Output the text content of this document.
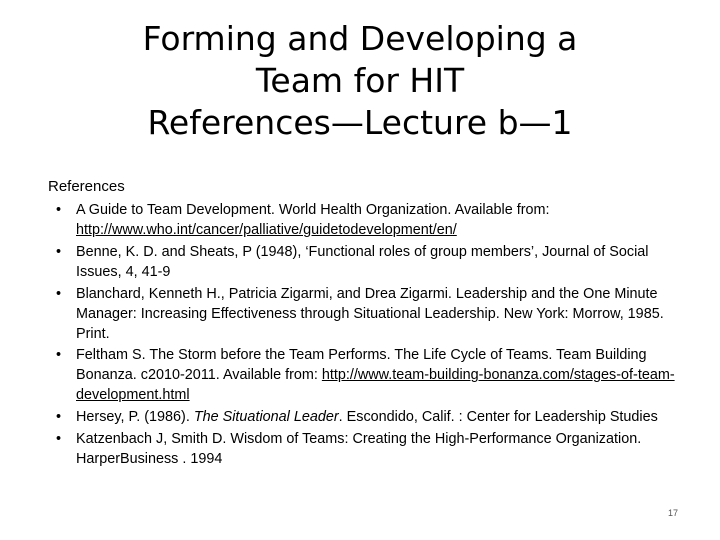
Forming and Developing a
Team for HIT
References—Lecture b—1
References
• A Guide to Team Development. World Health Organization. Available from: http://www.who.int/cancer/palliative/guidetodevelopment/en/
• Benne, K. D. and Sheats, P (1948), ‘Functional roles of group members’, Journal of Social Issues, 4, 41-9
• Blanchard, Kenneth H., Patricia Zigarmi, and Drea Zigarmi. Leadership and the One Minute Manager: Increasing Effectiveness through Situational Leadership. New York: Morrow, 1985. Print.
• Feltham S. The Storm before the Team Performs. The Life Cycle of Teams. Team Building Bonanza. c2010-2011. Available from: http://www.team-building-bonanza.com/stages-of-team-development.html
• Hersey, P. (1986). The Situational Leader. Escondido, Calif. : Center for Leadership Studies
• Katzenbach J, Smith D. Wisdom of Teams: Creating the High-Performance Organization. HarperBusiness . 1994
17
